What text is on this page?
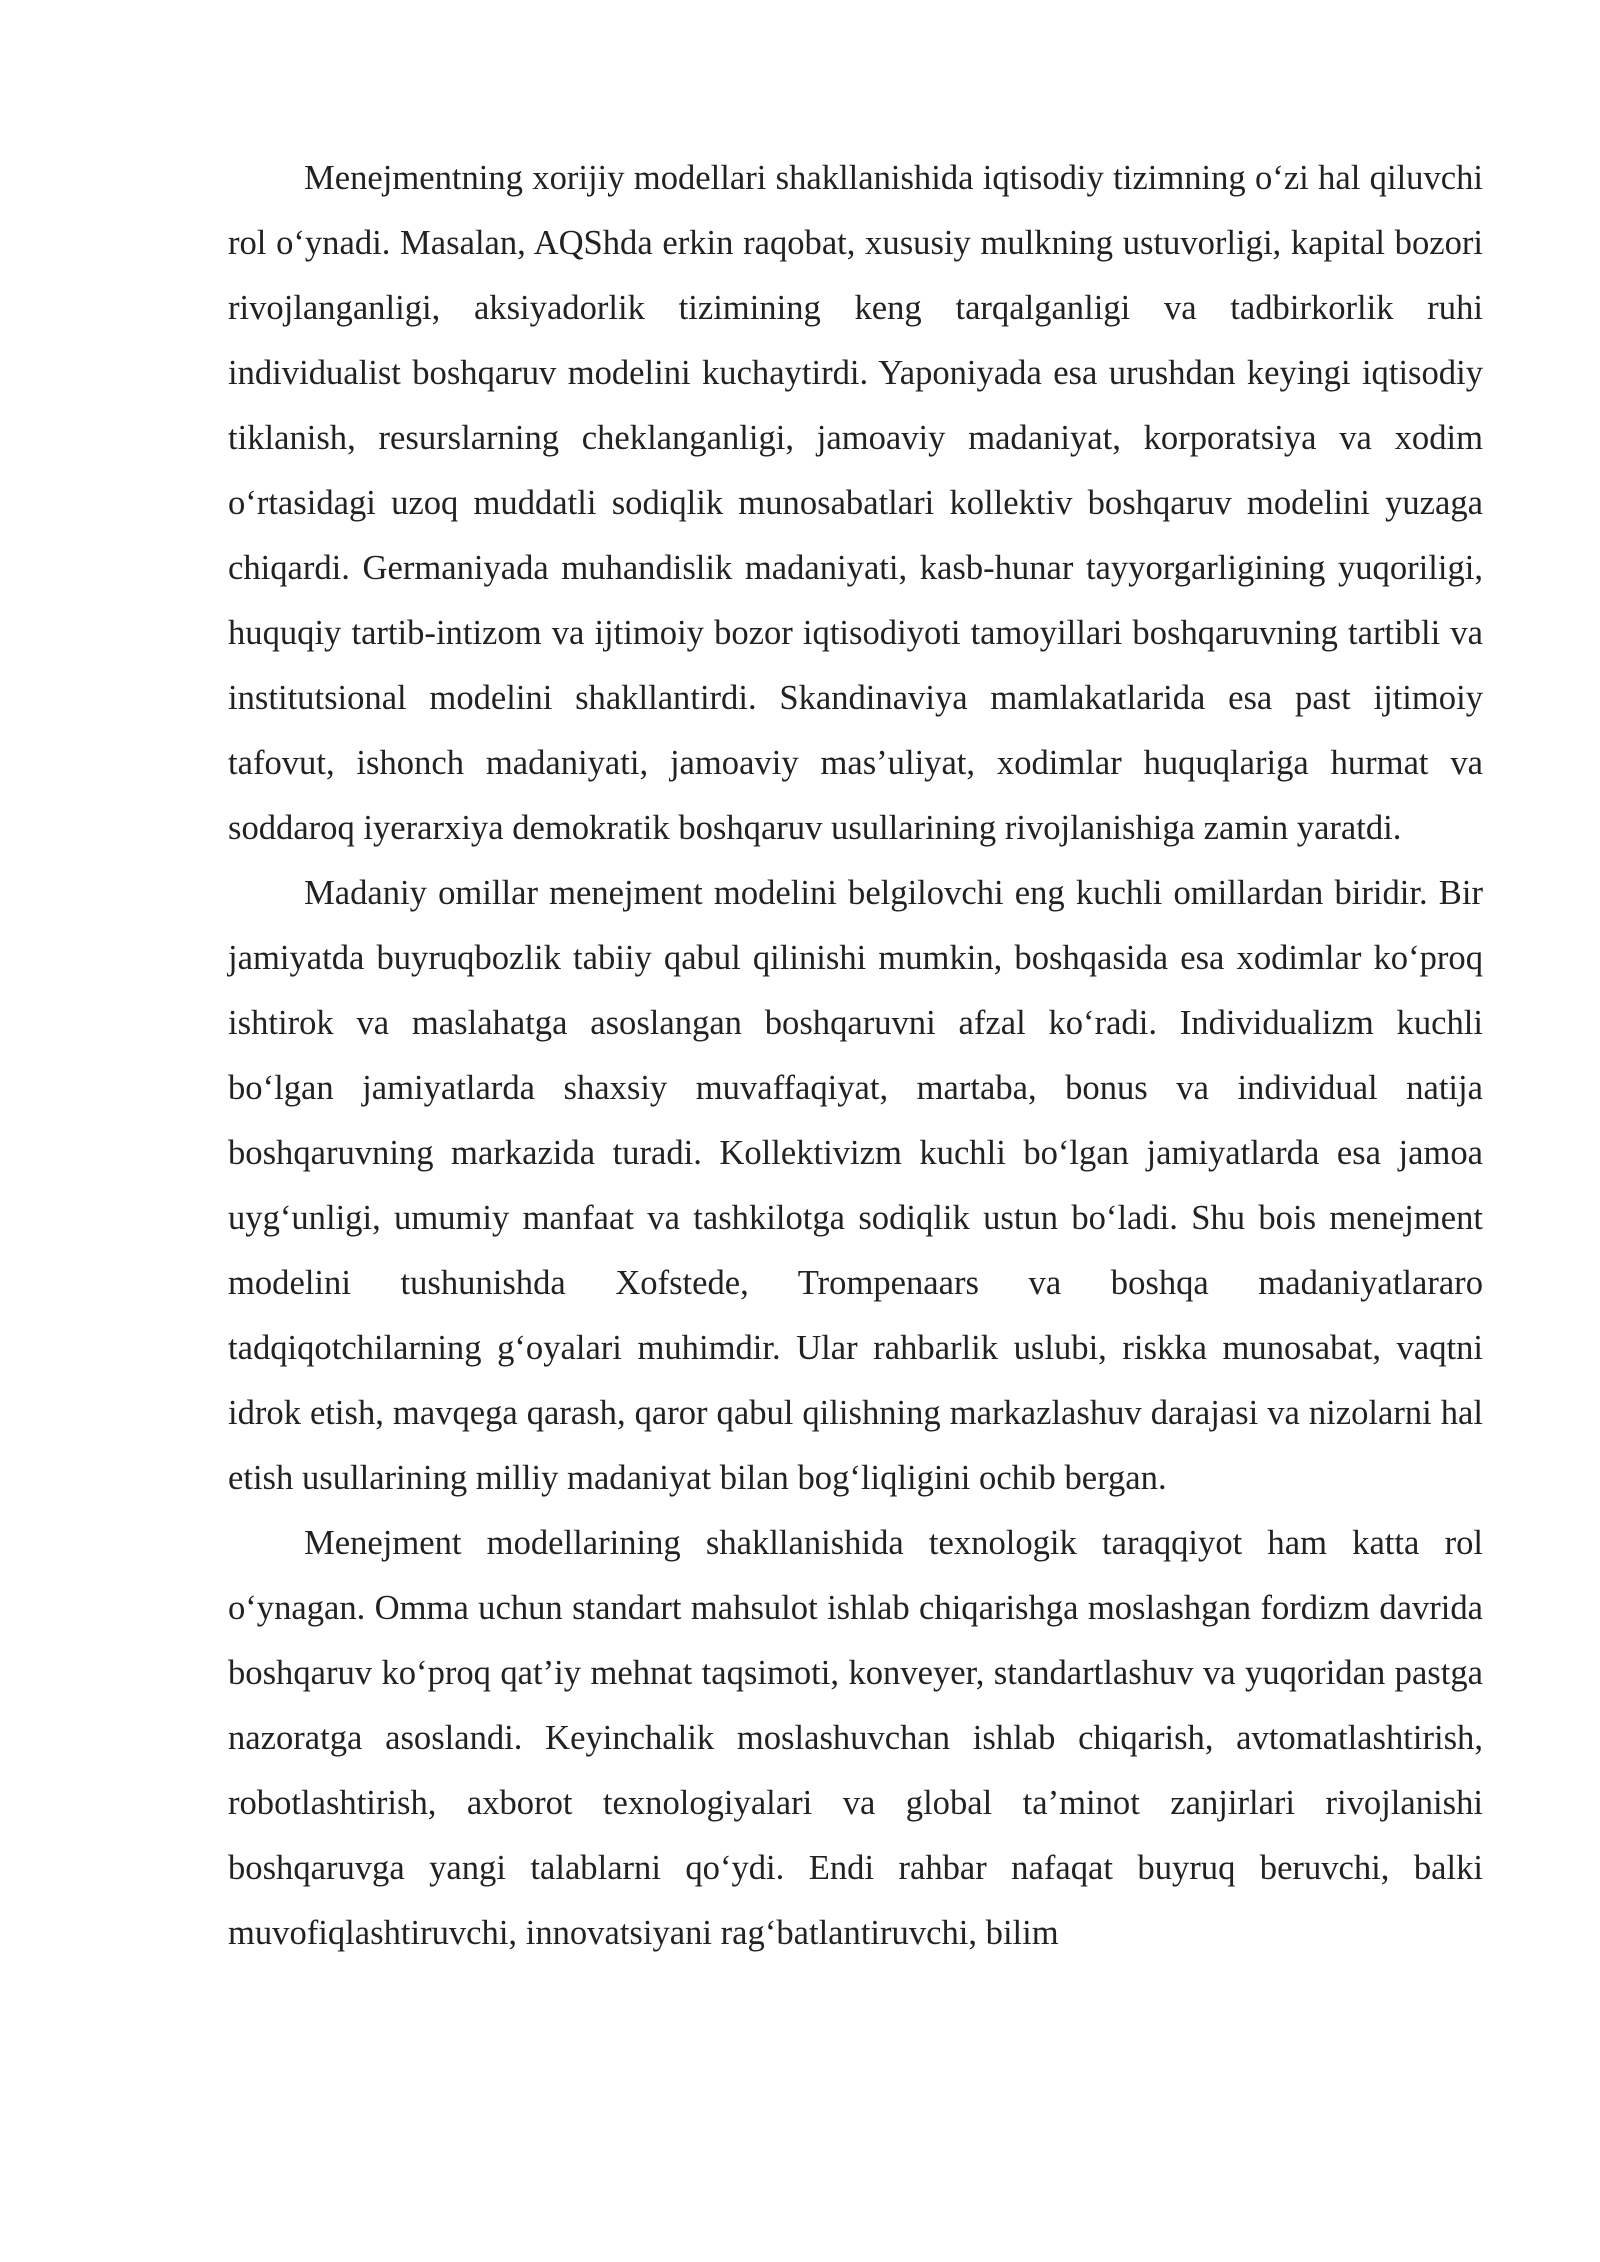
Menejmentning xorijiy modellari shakllanishida iqtisodiy tizimning o‘zi hal qiluvchi rol o‘ynadi. Masalan, AQShda erkin raqobat, xususiy mulkning ustuvorligi, kapital bozori rivojlanganligi, aksiyadorlik tizimining keng tarqalganligi va tadbirkorlik ruhi individualist boshqaruv modelini kuchaytirdi. Yaponiyada esa urushdan keyingi iqtisodiy tiklanish, resurslarning cheklanganligi, jamoaviy madaniyat, korporatsiya va xodim o‘rtasidagi uzoq muddatli sodiqlik munosabatlari kollektiv boshqaruv modelini yuzaga chiqardi. Germaniyada muhandislik madaniyati, kasb-hunar tayyorgarligining yuqoriligi, huquqiy tartib-intizom va ijtimoiy bozor iqtisodiyoti tamoyillari boshqaruvning tartibli va institutsional modelini shakllantirdi. Skandinaviya mamlakatlarida esa past ijtimoiy tafovut, ishonch madaniyati, jamoaviy mas’uliyat, xodimlar huquqlariga hurmat va soddaroq iyerarxiya demokratik boshqaruv usullarining rivojlanishiga zamin yaratdi.

Madaniy omillar menejment modelini belgilovchi eng kuchli omillardan biridir. Bir jamiyatda buyruqbozlik tabiiy qabul qilinishi mumkin, boshqasida esa xodimlar ko‘proq ishtirok va maslahatga asoslangan boshqaruvni afzal ko‘radi. Individualizm kuchli bo‘lgan jamiyatlarda shaxsiy muvaffaqiyat, martaba, bonus va individual natija boshqaruvning markazida turadi. Kollektivizm kuchli bo‘lgan jamiyatlarda esa jamoa uyg‘unligi, umumiy manfaat va tashkilotga sodiqlik ustun bo‘ladi. Shu bois menejment modelini tushunishda Xofstede, Trompenaars va boshqa madaniyatlararo tadqiqotchilarning g‘oyalari muhimdir. Ular rahbarlik uslubi, riskka munosabat, vaqtni idrok etish, mavqega qarash, qaror qabul qilishning markazlashuv darajasi va nizolarni hal etish usullarining milliy madaniyat bilan bog‘liqligini ochib bergan.

Menejment modellarining shakllanishida texnologik taraqqiyot ham katta rol o‘ynagan. Omma uchun standart mahsulot ishlab chiqarishga moslashgan fordizm davrida boshqaruv ko‘proq qat’iy mehnat taqsimoti, konveyer, standartlashuv va yuqoridan pastga nazoratga asoslandi. Keyinchalik moslashuvchan ishlab chiqarish, avtomatlashtirish, robotlashtirish, axborot texnologiyalari va global ta’minot zanjirlari rivojlanishi boshqaruvga yangi talablarni qo‘ydi. Endi rahbar nafaqat buyruq beruvchi, balki muvofiqlashtiruvchi, innovatsiyani rag‘batlantiruvchi, bilim
